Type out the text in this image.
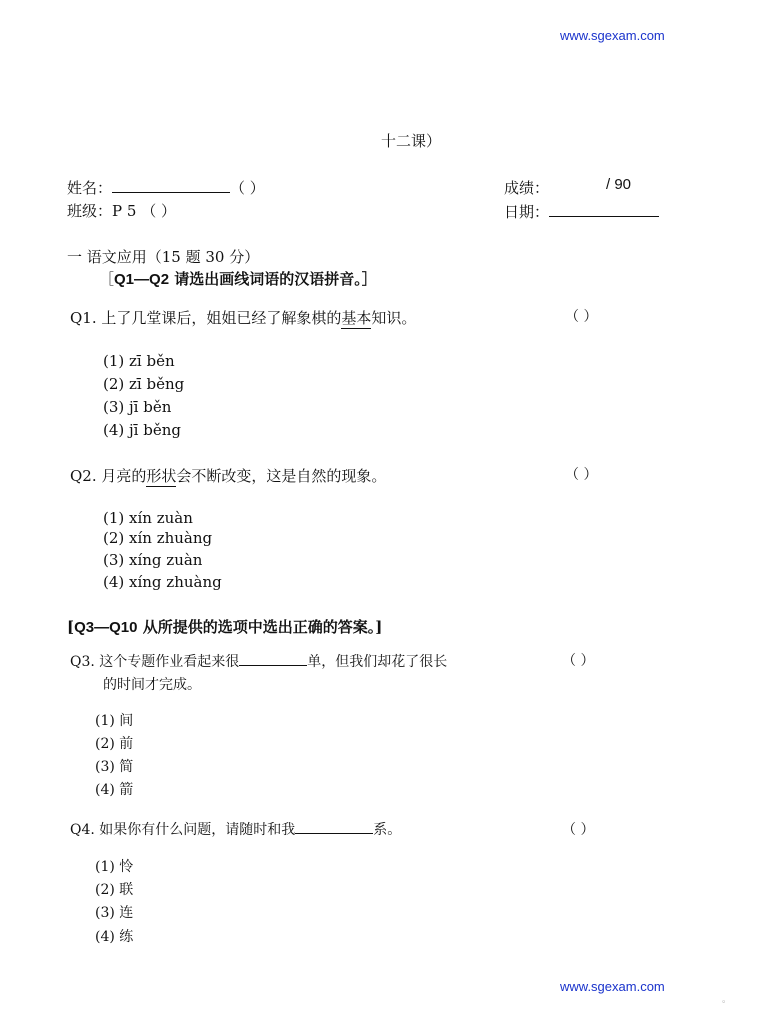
www.sgexam.com
十二课）
姓名：	（ ）
班级：P 5 （ ）
成绩：	/ 90
日期：
一 语文应用（15 题 30 分）
［Q1—Q2 请选出画线词语的汉语拼音。］
Q1. 上了几堂课后，姐姐已经了解象棋的基本知识。	（ ）
(1) zī běn
(2) zī běng
(3) jī běn
(4) jī běng
Q2. 月亮的形状会不断改变，这是自然的现象。	（ ）
(1) xín zuàn
(2) xín zhuàng
(3) xíng zuàn
(4) xíng zhuàng
[Q3—Q10 从所提供的选项中选出正确的答案。]
Q3. 这个专题作业看起来很	单，但我们却花了很长
的时间才完成。
（ ）
(1) 间
(2) 前
(3) 简
(4) 箭
Q4. 如果你有什么问题，请随时和我	系。	（ ）
(1) 怜
(2) 联
(3) 连
(4) 练
www.sgexam.com
。
